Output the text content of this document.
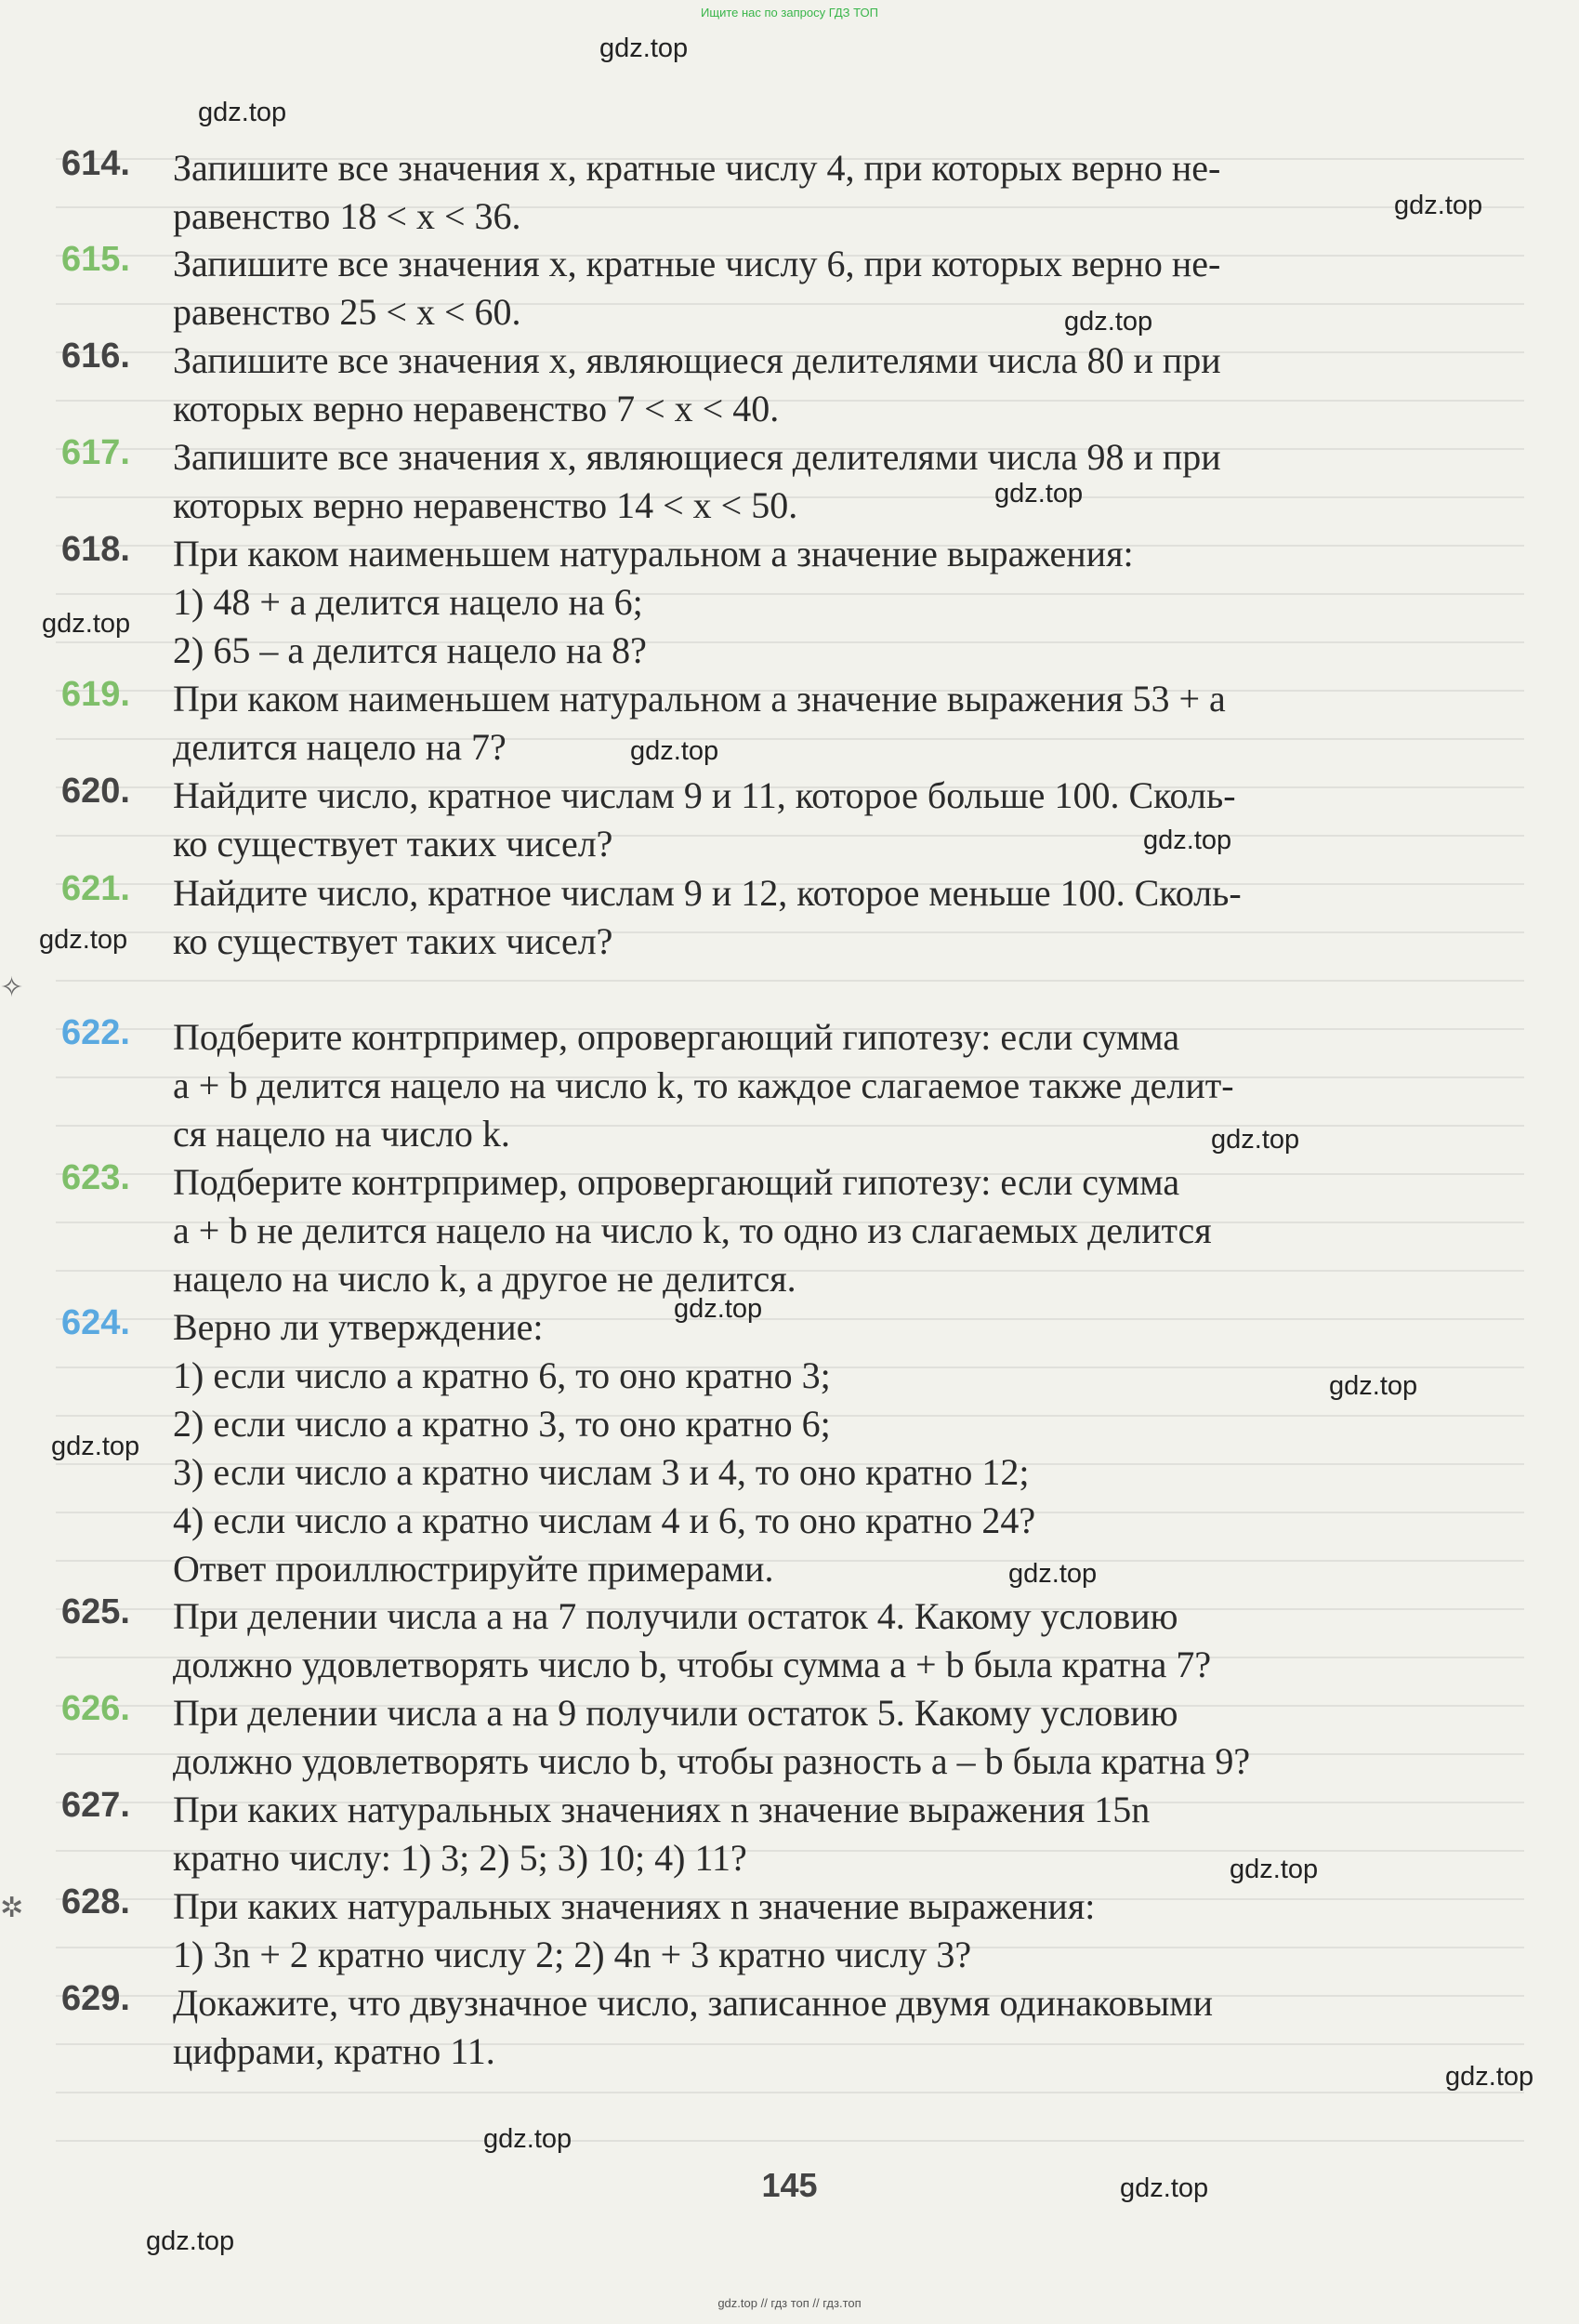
Ищите нас по запросу ГДЗ ТОП
✧
✲
614. Запишите все значения x, кратные числу 4, при которых верно не-
равенство 18 < x < 36.
615. Запишите все значения x, кратные числу 6, при которых верно не-
равенство 25 < x < 60.
616. Запишите все значения x, являющиеся делителями числа 80 и при
которых верно неравенство 7 < x < 40.
617. Запишите все значения x, являющиеся делителями числа 98 и при
которых верно неравенство 14 < x < 50.
618. При каком наименьшем натуральном a значение выражения:
1) 48 + a делится нацело на 6;
2) 65 – a делится нацело на 8?
619. При каком наименьшем натуральном a значение выражения 53 + a
делится нацело на 7?
620. Найдите число, кратное числам 9 и 11, которое больше 100. Сколь-
ко существует таких чисел?
621. Найдите число, кратное числам 9 и 12, которое меньше 100. Сколь-
ко существует таких чисел?
622. Подберите контрпример, опровергающий гипотезу: если сумма
a + b делится нацело на число k, то каждое слагаемое также делит-
ся нацело на число k.
623. Подберите контрпример, опровергающий гипотезу: если сумма
a + b не делится нацело на число k, то одно из слагаемых делится
нацело на число k, а другое не делится.
624. Верно ли утверждение:
1) если число a кратно 6, то оно кратно 3;
2) если число a кратно 3, то оно кратно 6;
3) если число a кратно числам 3 и 4, то оно кратно 12;
4) если число a кратно числам 4 и 6, то оно кратно 24?
Ответ проиллюстрируйте примерами.
625. При делении числа a на 7 получили остаток 4. Какому условию
должно удовлетворять число b, чтобы сумма a + b была кратна 7?
626. При делении числа a на 9 получили остаток 5. Какому условию
должно удовлетворять число b, чтобы разность a – b была кратна 9?
627. При каких натуральных значениях n значение выражения 15n
кратно числу: 1) 3; 2) 5; 3) 10; 4) 11?
628. При каких натуральных значениях n значение выражения:
1) 3n + 2 кратно числу 2; 2) 4n + 3 кратно числу 3?
629. Докажите, что двузначное число, записанное двумя одинаковыми
цифрами, кратно 11.
145
gdz.top // гдз топ // гдз.топ
gdz.top
gdz.top
gdz.top
gdz.top
gdz.top
gdz.top
gdz.top
gdz.top
gdz.top
gdz.top
gdz.top
gdz.top
gdz.top
gdz.top
gdz.top
gdz.top
gdz.top
gdz.top
gdz.top
